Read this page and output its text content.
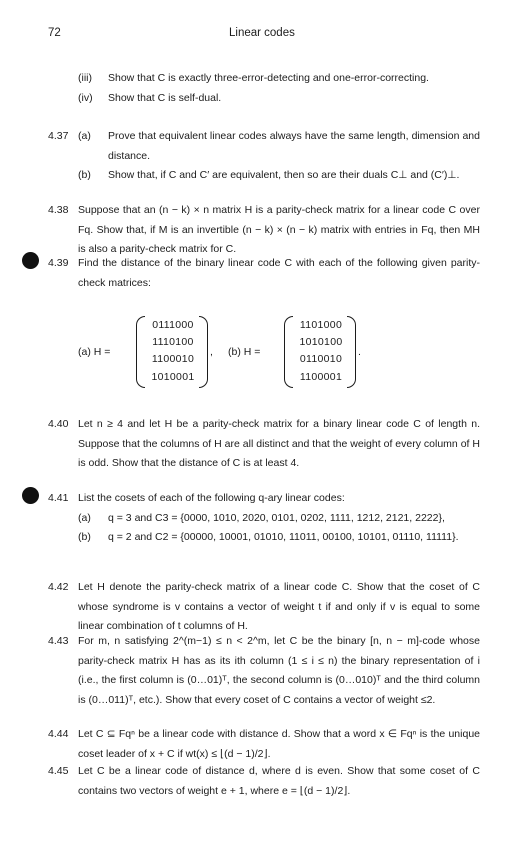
72	Linear codes
(iii) Show that C is exactly three-error-detecting and one-error-correcting.
(iv) Show that C is self-dual.
4.37 (a) Prove that equivalent linear codes always have the same length, dimension and distance.
(b) Show that, if C and C′ are equivalent, then so are their duals C⊥ and (C′)⊥.
4.38 Suppose that an (n − k) × n matrix H is a parity-check matrix for a linear code C over Fq. Show that, if M is an invertible (n − k) × (n − k) matrix with entries in Fq, then MH is also a parity-check matrix for C.
4.39 Find the distance of the binary linear code C with each of the following given parity-check matrices:
(a) H =
0111000
1110100
1100010
1010001
, (b) H =
1101000
1010100
0110010
1100001
.
4.40 Let n ≥ 4 and let H be a parity-check matrix for a binary linear code C of length n. Suppose that the columns of H are all distinct and that the weight of every column of H is odd. Show that the distance of C is at least 4.
4.41 List the cosets of each of the following q-ary linear codes:
(a) q = 3 and C3 = {0000, 1010, 2020, 0101, 0202, 1111, 1212, 2121, 2222},
(b) q = 2 and C2 = {00000, 10001, 01010, 11011, 00100, 10101, 01110, 11111}.
4.42 Let H denote the parity-check matrix of a linear code C. Show that the coset of C whose syndrome is v contains a vector of weight t if and only if v is equal to some linear combination of t columns of H.
4.43 For m, n satisfying 2^(m−1) ≤ n < 2^m, let C be the binary [n, n − m]-code whose parity-check matrix H has as its ith column (1 ≤ i ≤ n) the binary representation of i (i.e., the first column is (0…01)ᵀ, the second column is (0…010)ᵀ and the third column is (0…011)ᵀ, etc.). Show that every coset of C contains a vector of weight ≤2.
4.44 Let C ⊆ Fqⁿ be a linear code with distance d. Show that a word x ∈ Fqⁿ is the unique coset leader of x + C if wt(x) ≤ ⌊(d − 1)/2⌋.
4.45 Let C be a linear code of distance d, where d is even. Show that some coset of C contains two vectors of weight e + 1, where e = ⌊(d − 1)/2⌋.
